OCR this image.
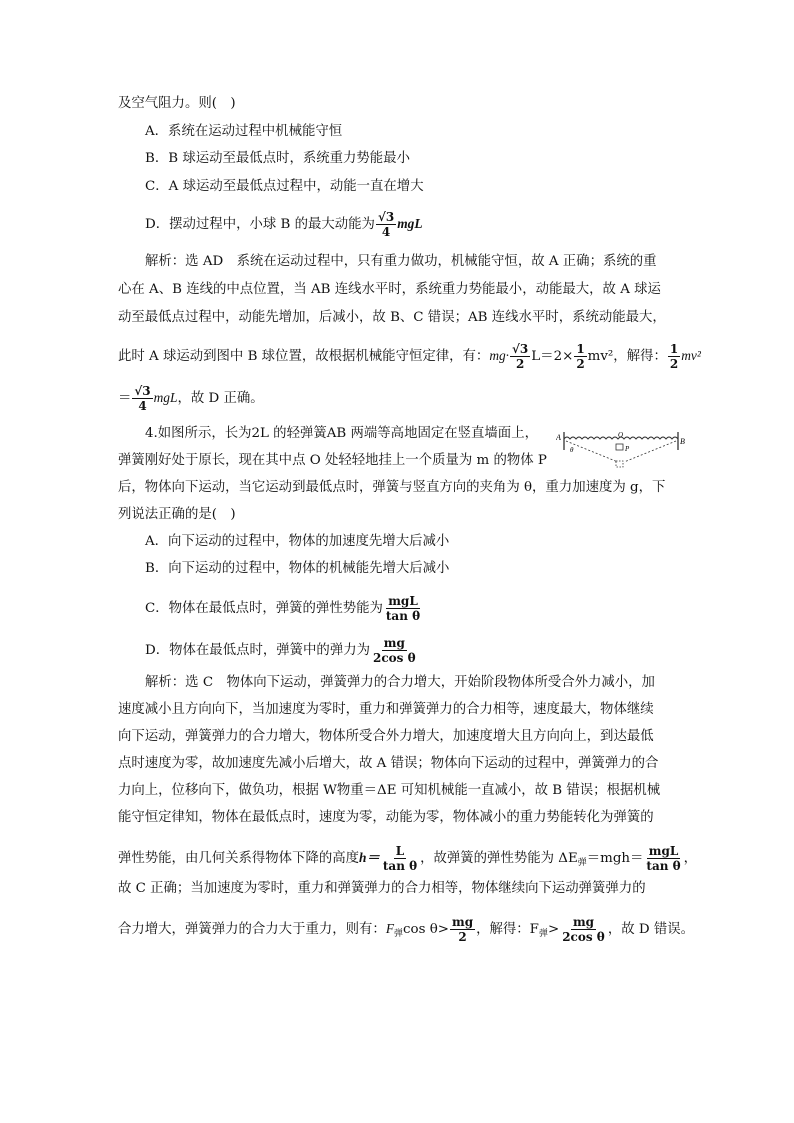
及空气阻力。则(　)
A．系统在运动过程中机械能守恒
B．B 球运动至最低点时，系统重力势能最小
C．A 球运动至最低点过程中，动能一直在增大
D．摆动过程中，小球 B 的最大动能为 $\frac{√3}{4}$ mgL
解析：选 AD　系统在运动过程中，只有重力做功，机械能守恒，故 A 正确；系统的重
心在 A、B 连线的中点位置，当 AB 连线水平时，系统重力势能最小，动能最大，故 A 球运
动至最低点过程中，动能先增加，后减小，故 B、C 错误；AB 连线水平时，系统动能最大，
此时 A 球运动到图中 B 球位置，故根据机械能守恒定律，有：$mg\cdot \frac{√3}{2} L=2\times \frac{1}{2} mv^2$，解得： $\frac{1}{2} mv^2$
＝ $\frac{√3}{4}$ mgL，故 D 正确。
4.如图所示，长为2L 的轻弹簧AB 两端等高地固定在竖直墙面上，
弹簧刚好处于原长，现在其中点 O 处轻轻地挂上一个质量为 m 的物体 P
后，物体向下运动，当它运动到最低点时，弹簧与竖直方向的夹角为 θ，重力加速度为 g，下
列说法正确的是(　)
A	B
O
P
θ
A．向下运动的过程中，物体的加速度先增大后减小
B．向下运动的过程中，物体的机械能先增大后减小
C．物体在最低点时，弹簧的弹性势能为 $\frac{\text{mgL}}{\text{tan θ}}$
D．物体在最低点时，弹簧中的弹力为 $\frac{mg}{\text{2cos θ}}$
解析：选 C　物体向下运动，弹簧弹力的合力增大，开始阶段物体所受合外力减小，加
速度减小且方向向下，当加速度为零时，重力和弹簧弹力的合力相等，速度最大，物体继续
向下运动，弹簧弹力的合力增大，物体所受合外力增大，加速度增大且方向向上，到达最低
点时速度为零，故加速度先减小后增大，故 A 错误；物体向下运动的过程中，弹簧弹力的合
力向上，位移向下，做负功，根据 W物重＝ΔE 可知机械能一直减小，故 B 错误；根据机械
能守恒定律知，物体在最低点时，速度为零，动能为零，物体减小的重力势能转化为弹簧的
弹性势能，由几何关系得物体下降的高度$h= \frac{L}{\text{tan θ}}$ ，故弹簧的弹性势能为 $\Delta E_弹=mgh= \frac{\text{mgL}}{\text{tan θ}}$ ，
故 C 正确；当加速度为零时，重力和弹簧弹力的合力相等，物体继续向下运动弹簧弹力的
合力增大，弹簧弹力的合力大于重力，则有：$F_弹\cos$ $\theta> \frac{mg}{2}$ ，解得：$F_弹> \frac{mg}{\text{2cos θ}}$ ，故 D 错误。
